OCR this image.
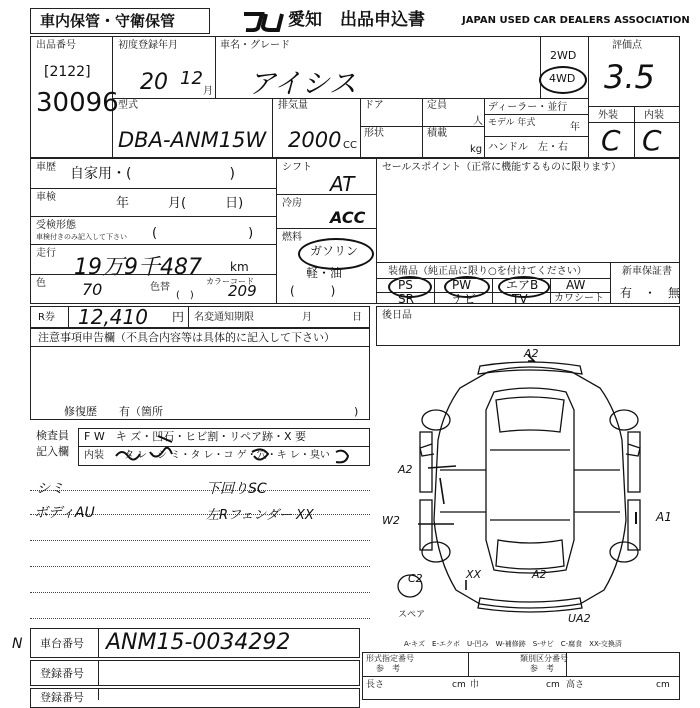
車内保管・守衛保管	愛知 出品申込書	JAPAN USED CAR DEALERS ASSOCIATION
出品番号
[2122]
30096
初度登録年月
20 12
月
車名・グレード
アイシス
2WD
4WD
評価点
3.5
外装	内装
C C
型式
DBA-ANM15W
排気量
2000 CC
ドア	定員
人
形状	積載
kg
ディーラー・並行
モデル 年式	年
ハンドル　左・右
車歴 自家用・(　　　　　　　)
車検	年　　　月(　　　日)
受検形態
車検付きのみ記入して下さい (　　　　　　　)
走行
19万9千487 km
色 70	色替
(　)
カラーコード
209
シフト
AT
冷房
ACC
燃料
ガソリン
軽・油
(　　　)
セールスポイント（正常に機能するものに限ります）
装備品（純正品に限り○を付けてください）	新車保証書
有　・　無
PS	PW	エアB AW
SR	ナビ	TV	カワシート
R券 12,410 円 名変通知期限	月	日 後日品
注意事項申告欄（不具合内容等は具体的に記入して下さい）
修復歴　　有（箇所	)
検査員
記入欄
F W　キ ズ・凹石・ヒビ割・リペア跡・X 要
内装　　タ レ・シ ミ・タ レ・コ ゲ・穴・キ レ・臭い
シミ
ボディAU
下回りSC
左Rフェンダー XX
A2
A2
A1
W2
C2	XX	A2
UA2
スペア
A-キズ　E-エクボ　U-凹み　W-補修跡　S-サビ　C-腐食　XX-交換済
N 車台番号 ANM15-0034292
登録番号
登録番号
形式指定番号
参　考
類別区分番号
参　考
長さ	cm 巾	cm 高さ	cm
